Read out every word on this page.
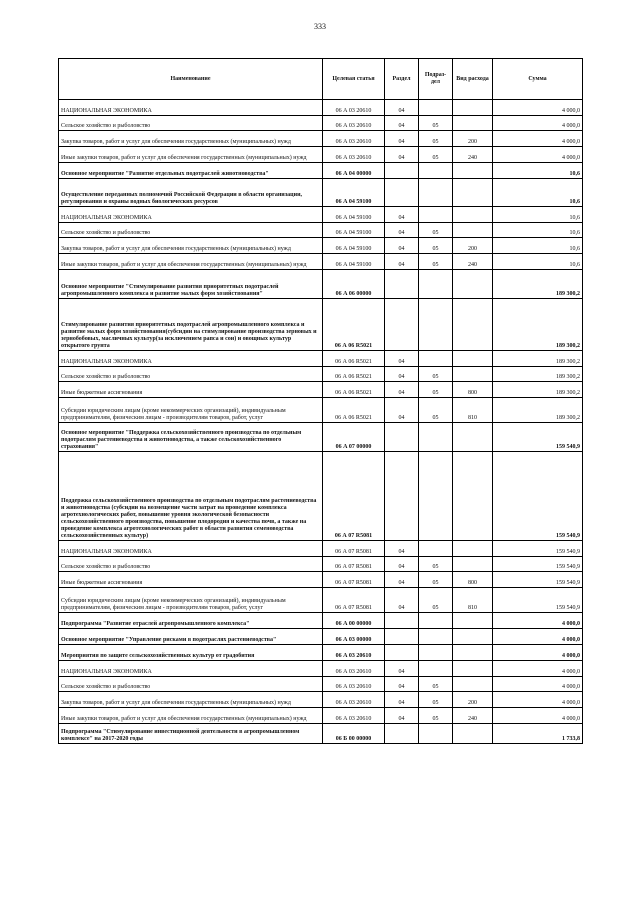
333
Наименование	Целевая статья	Раздел	Подраз-дел	Вид расхода	Сумма
НАЦИОНАЛЬНАЯ ЭКОНОМИКА	06 А 03 20610	04			4 000,0
Сельское хозяйство и рыболовство	06 А 03 20610	04	05		4 000,0
Закупка товаров, работ и услуг для обеспечения государственных (муниципальных) нужд	06 А 03 20610	04	05	200	4 000,0
Иные закупки товаров, работ и услуг для обеспечения государственных (муниципальных) нужд	06 А 03 20610	04	05	240	4 000,0
Основное мероприятие "Развитие отдельных подотраслей животноводства"	06 А 04 00000				10,6
Осуществление переданных полномочий Российской Федерации в области организации, регулирования и охраны водных биологических ресурсов	06 А 04 59100				10,6
НАЦИОНАЛЬНАЯ ЭКОНОМИКА	06 А 04 59100	04			10,6
Сельское хозяйство и рыболовство	06 А 04 59100	04	05		10,6
Закупка товаров, работ и услуг для обеспечения государственных (муниципальных) нужд	06 А 04 59100	04	05	200	10,6
Иные закупки товаров, работ и услуг для обеспечения государственных (муниципальных) нужд	06 А 04 59100	04	05	240	10,6
Основное мероприятие "Стимулирование развития приоритетных подотраслей агропромышленного комплекса и развитие малых форм хозяйствования"	06 А 06 00000				189 300,2
Стимулирование развития приоритетных подотраслей агропромышленного комплекса и развитие малых форм хозяйствования(субсидии на стимулирование производства зерновых и зернобобовых, масличных культур(за исключением рапса и сои) и овощных культур открытого грунта	06 А 06 R5021				189 300,2
НАЦИОНАЛЬНАЯ ЭКОНОМИКА	06 А 06 R5021	04			189 300,2
Сельское хозяйство и рыболовство	06 А 06 R5021	04	05		189 300,2
Иные бюджетные ассигнования	06 А 06 R5021	04	05	800	189 300,2
Субсидии юридическим лицам (кроме некоммерческих организаций), индивидуальным предпринимателям, физическим лицам - производителям товаров, работ, услуг	06 А 06 R5021	04	05	810	189 300,2
Основное мероприятие "Поддержка сельскохозяйственного производства по отдельным подотраслям растениеводства и животноводства, а также сельскохозяйственного страхования"	06 А 07 00000				159 540,9
Поддержка сельскохозяйственного производства по отдельным подотраслям растениеводства и животноводства (субсидии на возмещение части затрат на проведение комплекса агротехнологических работ, повышение уровня экологической безопасности сельскохозяйственного производства, повышение плодородия и качества почв, а также на проведение комплекса агротехнологических работ в области развития семеноводства сельскохозяйственных культур)	06 А 07 R5081				159 540,9
НАЦИОНАЛЬНАЯ ЭКОНОМИКА	06 А 07 R5081	04			159 540,9
Сельское хозяйство и рыболовство	06 А 07 R5081	04	05		159 540,9
Иные бюджетные ассигнования	06 А 07 R5081	04	05	800	159 540,9
Субсидии юридическим лицам (кроме некоммерческих организаций), индивидуальным предпринимателям, физическим лицам - производителям товаров, работ, услуг	06 А 07 R5081	04	05	810	159 540,9
Подпрограмма "Развитие отраслей агропромышленного комплекса"	06 А 00 00000				4 000,0
Основное мероприятие "Управление рисками в подотраслях растениеводства"	06 А 03 00000				4 000,0
Мероприятия по защите сельскохозяйственных культур от градобития	06 А 03 20610				4 000,0
НАЦИОНАЛЬНАЯ ЭКОНОМИКА	06 А 03 20610	04			4 000,0
Сельское хозяйство и рыболовство	06 А 03 20610	04	05		4 000,0
Закупка товаров, работ и услуг для обеспечения государственных (муниципальных) нужд	06 А 03 20610	04	05	200	4 000,0
Иные закупки товаров, работ и услуг для обеспечения государственных (муниципальных) нужд	06 А 03 20610	04	05	240	4 000,0
Подпрограмма "Стимулирование инвестиционной деятельности в агропромышленном комплексе" на 2017-2020 годы	06 Б 00 00000				1 733,8
